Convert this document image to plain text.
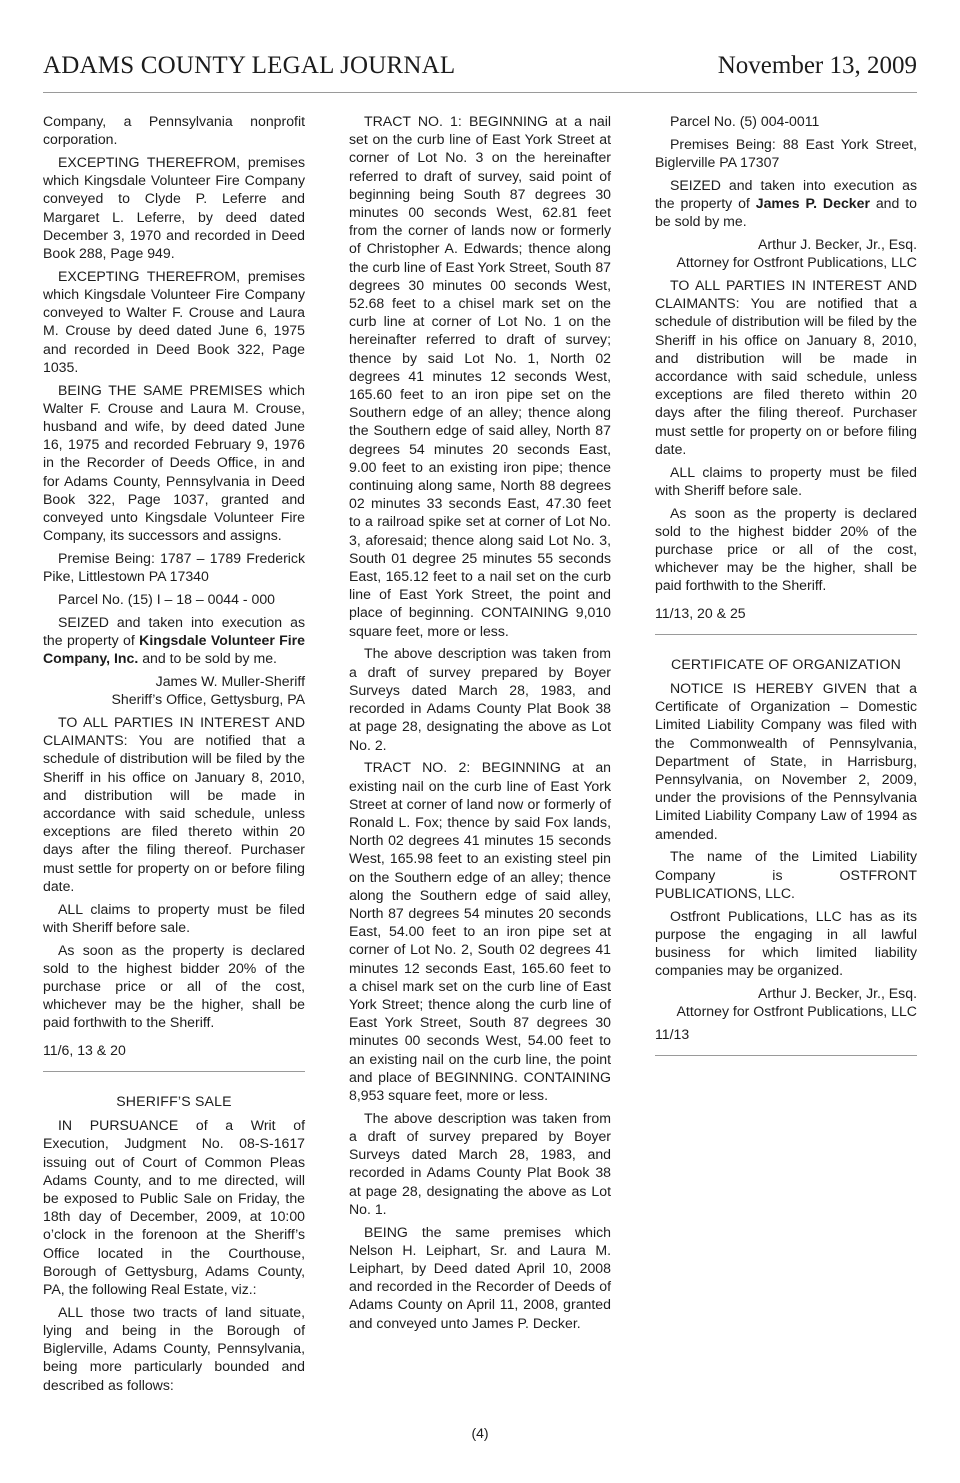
ADAMS COUNTY LEGAL JOURNAL	November 13, 2009

Company, a Pennsylvania nonprofit corporation.

EXCEPTING THEREFROM, premises which Kingsdale Volunteer Fire Company conveyed to Clyde P. Leferre and Margaret L. Leferre, by deed dated December 3, 1970 and recorded in Deed Book 288, Page 949.

EXCEPTING THEREFROM, premises which Kingsdale Volunteer Fire Company conveyed to Walter F. Crouse and Laura M. Crouse by deed dated June 6, 1975 and recorded in Deed Book 322, Page 1035.

BEING THE SAME PREMISES which Walter F. Crouse and Laura M. Crouse, husband and wife, by deed dated June 16, 1975 and recorded February 9, 1976 in the Recorder of Deeds Office, in and for Adams County, Pennsylvania in Deed Book 322, Page 1037, granted and conveyed unto Kingsdale Volunteer Fire Company, its successors and assigns.

Premise Being: 1787 – 1789 Frederick Pike, Littlestown PA 17340

Parcel No. (15) I – 18 – 0044 - 000

SEIZED and taken into execution as the property of Kingsdale Volunteer Fire Company, Inc. and to be sold by me.

James W. Muller-Sheriff

Sheriff’s Office, Gettysburg, PA

TO ALL PARTIES IN INTEREST AND CLAIMANTS: You are notified that a schedule of distribution will be filed by the Sheriff in his office on January 8, 2010, and distribution will be made in accordance with said schedule, unless exceptions are filed thereto within 20 days after the filing thereof. Purchaser must settle for property on or before filing date.

ALL claims to property must be filed with Sheriff before sale.

As soon as the property is declared sold to the highest bidder 20% of the purchase price or all of the cost, whichever may be the higher, shall be paid forthwith to the Sheriff.

11/6, 13 & 20

SHERIFF’S SALE

IN PURSUANCE of a Writ of Execution, Judgment No. 08-S-1617 issuing out of Court of Common Pleas Adams County, and to me directed, will be exposed to Public Sale on Friday, the 18th day of December, 2009, at 10:00 o’clock in the forenoon at the Sheriff’s Office located in the Courthouse, Borough of Gettysburg, Adams County, PA, the following Real Estate, viz.:

ALL those two tracts of land situate, lying and being in the Borough of Biglerville, Adams County, Pennsylvania, being more particularly bounded and described as follows:

TRACT NO. 1: BEGINNING at a nail set on the curb line of East York Street at corner of Lot No. 3 on the hereinafter referred to draft of survey, said point of beginning being South 87 degrees 30 minutes 00 seconds West, 62.81 feet from the corner of lands now or formerly of Christopher A. Edwards; thence along the curb line of East York Street, South 87 degrees 30 minutes 00 seconds West, 52.68 feet to a chisel mark set on the curb line at corner of Lot No. 1 on the hereinafter referred to draft of survey; thence by said Lot No. 1, North 02 degrees 41 minutes 12 seconds West, 165.60 feet to an iron pipe set on the Southern edge of an alley; thence along the Southern edge of said alley, North 87 degrees 54 minutes 20 seconds East, 9.00 feet to an existing iron pipe; thence continuing along same, North 88 degrees 02 minutes 33 seconds East, 47.30 feet to a railroad spike set at corner of Lot No. 3, aforesaid; thence along said Lot No. 3, South 01 degree 25 minutes 55 seconds East, 165.12 feet to a nail set on the curb line of East York Street, the point and place of beginning. CONTAINING 9,010 square feet, more or less.

The above description was taken from a draft of survey prepared by Boyer Surveys dated March 28, 1983, and recorded in Adams County Plat Book 38 at page 28, designating the above as Lot No. 2.

TRACT NO. 2: BEGINNING at an existing nail on the curb line of East York Street at corner of land now or formerly of Ronald L. Fox; thence by said Fox lands, North 02 degrees 41 minutes 15 seconds West, 165.98 feet to an existing steel pin on the Southern edge of an alley; thence along the Southern edge of said alley, North 87 degrees 54 minutes 20 seconds East, 54.00 feet to an iron pipe set at corner of Lot No. 2, South 02 degrees 41 minutes 12 seconds East, 165.60 feet to a chisel mark set on the curb line of East York Street; thence along the curb line of East York Street, South 87 degrees 30 minutes 00 seconds West, 54.00 feet to an existing nail on the curb line, the point and place of BEGINNING. CONTAINING 8,953 square feet, more or less.

The above description was taken from a draft of survey prepared by Boyer Surveys dated March 28, 1983, and recorded in Adams County Plat Book 38 at page 28, designating the above as Lot No. 1.

BEING the same premises which Nelson H. Leiphart, Sr. and Laura M. Leiphart, by Deed dated April 10, 2008 and recorded in the Recorder of Deeds of Adams County on April 11, 2008, granted and conveyed unto James P. Decker.

Parcel No. (5) 004-0011

Premises Being: 88 East York Street, Biglerville PA 17307

SEIZED and taken into execution as the property of James P. Decker and to be sold by me.

Arthur J. Becker, Jr., Esq.

Attorney for Ostfront Publications, LLC

TO ALL PARTIES IN INTEREST AND CLAIMANTS: You are notified that a schedule of distribution will be filed by the Sheriff in his office on January 8, 2010, and distribution will be made in accordance with said schedule, unless exceptions are filed thereto within 20 days after the filing thereof. Purchaser must settle for property on or before filing date.

ALL claims to property must be filed with Sheriff before sale.

As soon as the property is declared sold to the highest bidder 20% of the purchase price or all of the cost, whichever may be the higher, shall be paid forthwith to the Sheriff.

11/13, 20 & 25

CERTIFICATE OF ORGANIZATION

NOTICE IS HEREBY GIVEN that a Certificate of Organization – Domestic Limited Liability Company was filed with the Commonwealth of Pennsylvania, Department of State, in Harrisburg, Pennsylvania, on November 2, 2009, under the provisions of the Pennsylvania Limited Liability Company Law of 1994 as amended.

The name of the Limited Liability Company is OSTFRONT PUBLICATIONS, LLC.

Ostfront Publications, LLC has as its purpose the engaging in all lawful business for which limited liability companies may be organized.

Arthur J. Becker, Jr., Esq.

Attorney for Ostfront Publications, LLC

11/13

(4)
